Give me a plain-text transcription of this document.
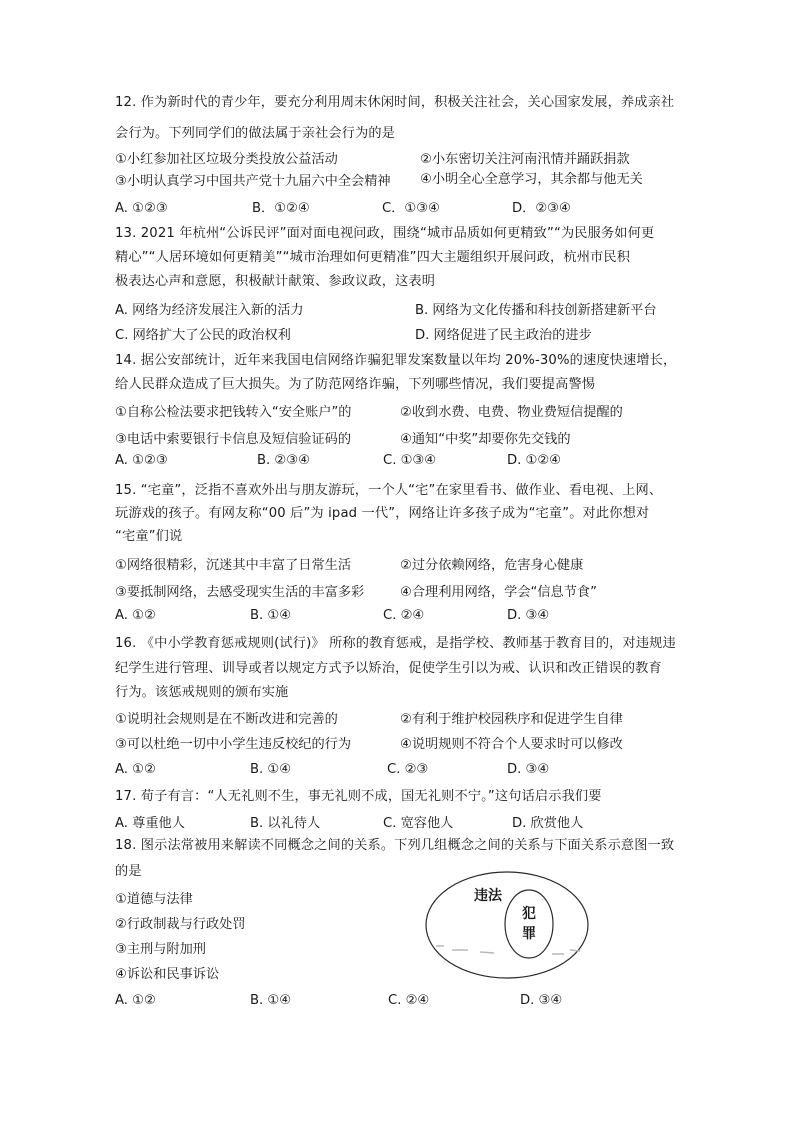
12. 作为新时代的青少年，要充分利用周末休闲时间，积极关注社会，关心国家发展，养成亲社
会行为。下列同学们的做法属于亲社会行为的是
①小红参加社区垃圾分类投放公益活动	②小东密切关注河南汛情并踊跃捐款
③小明认真学习中国共产党十九届六中全会精神 ④小明全心全意学习，其余都与他无关
A. ①②③	B．①②④	C．①③④	D．②③④
13. 2021 年杭州“公诉民评”面对面电视问政，围绕“城市品质如何更精致”“为民服务如何更
精心”“人居环境如何更精美”“城市治理如何更精准”四大主题组织开展问政，杭州市民积
极表达心声和意愿，积极献计献策、参政议政，这表明
A. 网络为经济发展注入新的活力	B. 网络为文化传播和科技创新搭建新平台
C. 网络扩大了公民的政治权利	D. 网络促进了民主政治的进步
14. 据公安部统计，近年来我国电信网络诈骗犯罪发案数量以年均 20%-30%的速度快速增长，
给人民群众造成了巨大损失。为了防范网络诈骗，下列哪些情况，我们要提高警惕
①自称公检法要求把钱转入“安全账户”的	②收到水费、电费、物业费短信提醒的
③电话中索要银行卡信息及短信验证码的	④通知“中奖”却要你先交钱的
A. ①②③	B. ②③④	C. ①③④	D. ①②④
15. “宅童”，泛指不喜欢外出与朋友游玩，一个人“宅”在家里看书、做作业、看电视、上网、
玩游戏的孩子。有网友称“00 后”为 ipad 一代”，网络让许多孩子成为“宅童”。对此你想对
“宅童”们说
①网络很精彩，沉迷其中丰富了日常生活	②过分依赖网络，危害身心健康
③要抵制网络，去感受现实生活的丰富多彩	④合理利用网络，学会“信息节食”
A. ①②	B. ①④	C. ②④	D. ③④
16. 《中小学教育惩戒规则(试行)》 所称的教育惩戒，是指学校、教师基于教育目的，对违规违
纪学生进行管理、训导或者以规定方式予以矫治，促使学生引以为戒、认识和改正错误的教育
行为。该惩戒规则的颁布实施
①说明社会规则是在不断改进和完善的	②有利于维护校园秩序和促进学生自律
③可以杜绝一切中小学生违反校纪的行为	④说明规则不符合个人要求时可以修改
A. ①②	B. ①④	C. ②③	D. ③④
17. 荀子有言：“人无礼则不生，事无礼则不成，国无礼则不宁。”这句话启示我们要
A. 尊重他人	B. 以礼待人	C. 宽容他人	D. 欣赏他人
18. 图示法常被用来解读不同概念之间的关系。下列几组概念之间的关系与下面关系示意图一致
的是
①道德与法律
②行政制裁与行政处罚
③主刑与附加刑
④诉讼和民事诉讼
A. ①②	B. ①④	C. ②④	D. ③④
违法
犯
罪
